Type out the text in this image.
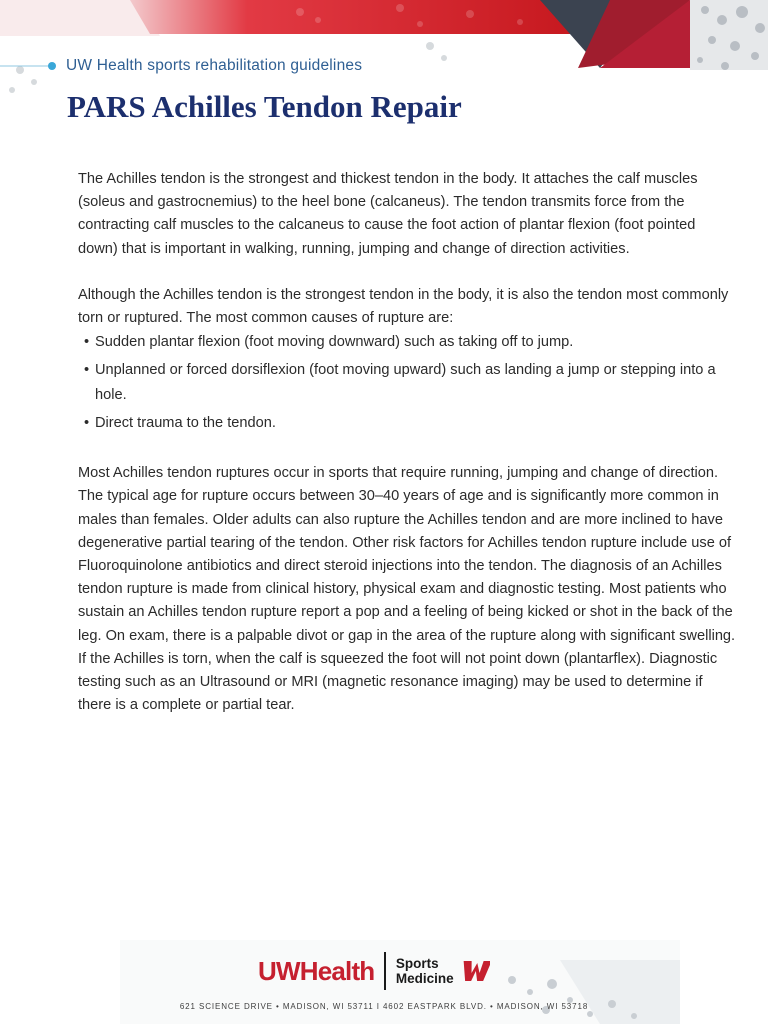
UW Health sports rehabilitation guidelines
PARS Achilles Tendon Repair

The Achilles tendon is the strongest and thickest tendon in the body. It attaches the calf muscles (soleus and gastrocnemius) to the heel bone (calcaneus). The tendon transmits force from the contracting calf muscles to the calcaneus to cause the foot action of plantar flexion (foot pointed down) that is important in walking, running, jumping and change of direction activities.

Although the Achilles tendon is the strongest tendon in the body, it is also the tendon most commonly torn or ruptured. The most common causes of rupture are:

• Sudden plantar flexion (foot moving downward) such as taking off to jump.
• Unplanned or forced dorsiflexion (foot moving upward) such as landing a jump or stepping into a hole.
• Direct trauma to the tendon.

Most Achilles tendon ruptures occur in sports that require running, jumping and change of direction. The typical age for rupture occurs between 30–40 years of age and is significantly more common in males than females. Older adults can also rupture the Achilles tendon and are more inclined to have degenerative partial tearing of the tendon. Other risk factors for Achilles tendon rupture include use of Fluoroquinolone antibiotics and direct steroid injections into the tendon. The diagnosis of an Achilles tendon rupture is made from clinical history, physical exam and diagnostic testing. Most patients who sustain an Achilles tendon rupture report a pop and a feeling of being kicked or shot in the back of the leg. On exam, there is a palpable divot or gap in the area of the rupture along with significant swelling. If the Achilles is torn, when the calf is squeezed the foot will not point down (plantarflex). Diagnostic testing such as an Ultrasound or MRI (magnetic resonance imaging) may be used to determine if there is a complete or partial tear.

UWHealth Sports
Medicine
621 SCIENCE DRIVE • MADISON, WI 53711 I 4602 EASTPARK BLVD. • MADISON, WI 53718
